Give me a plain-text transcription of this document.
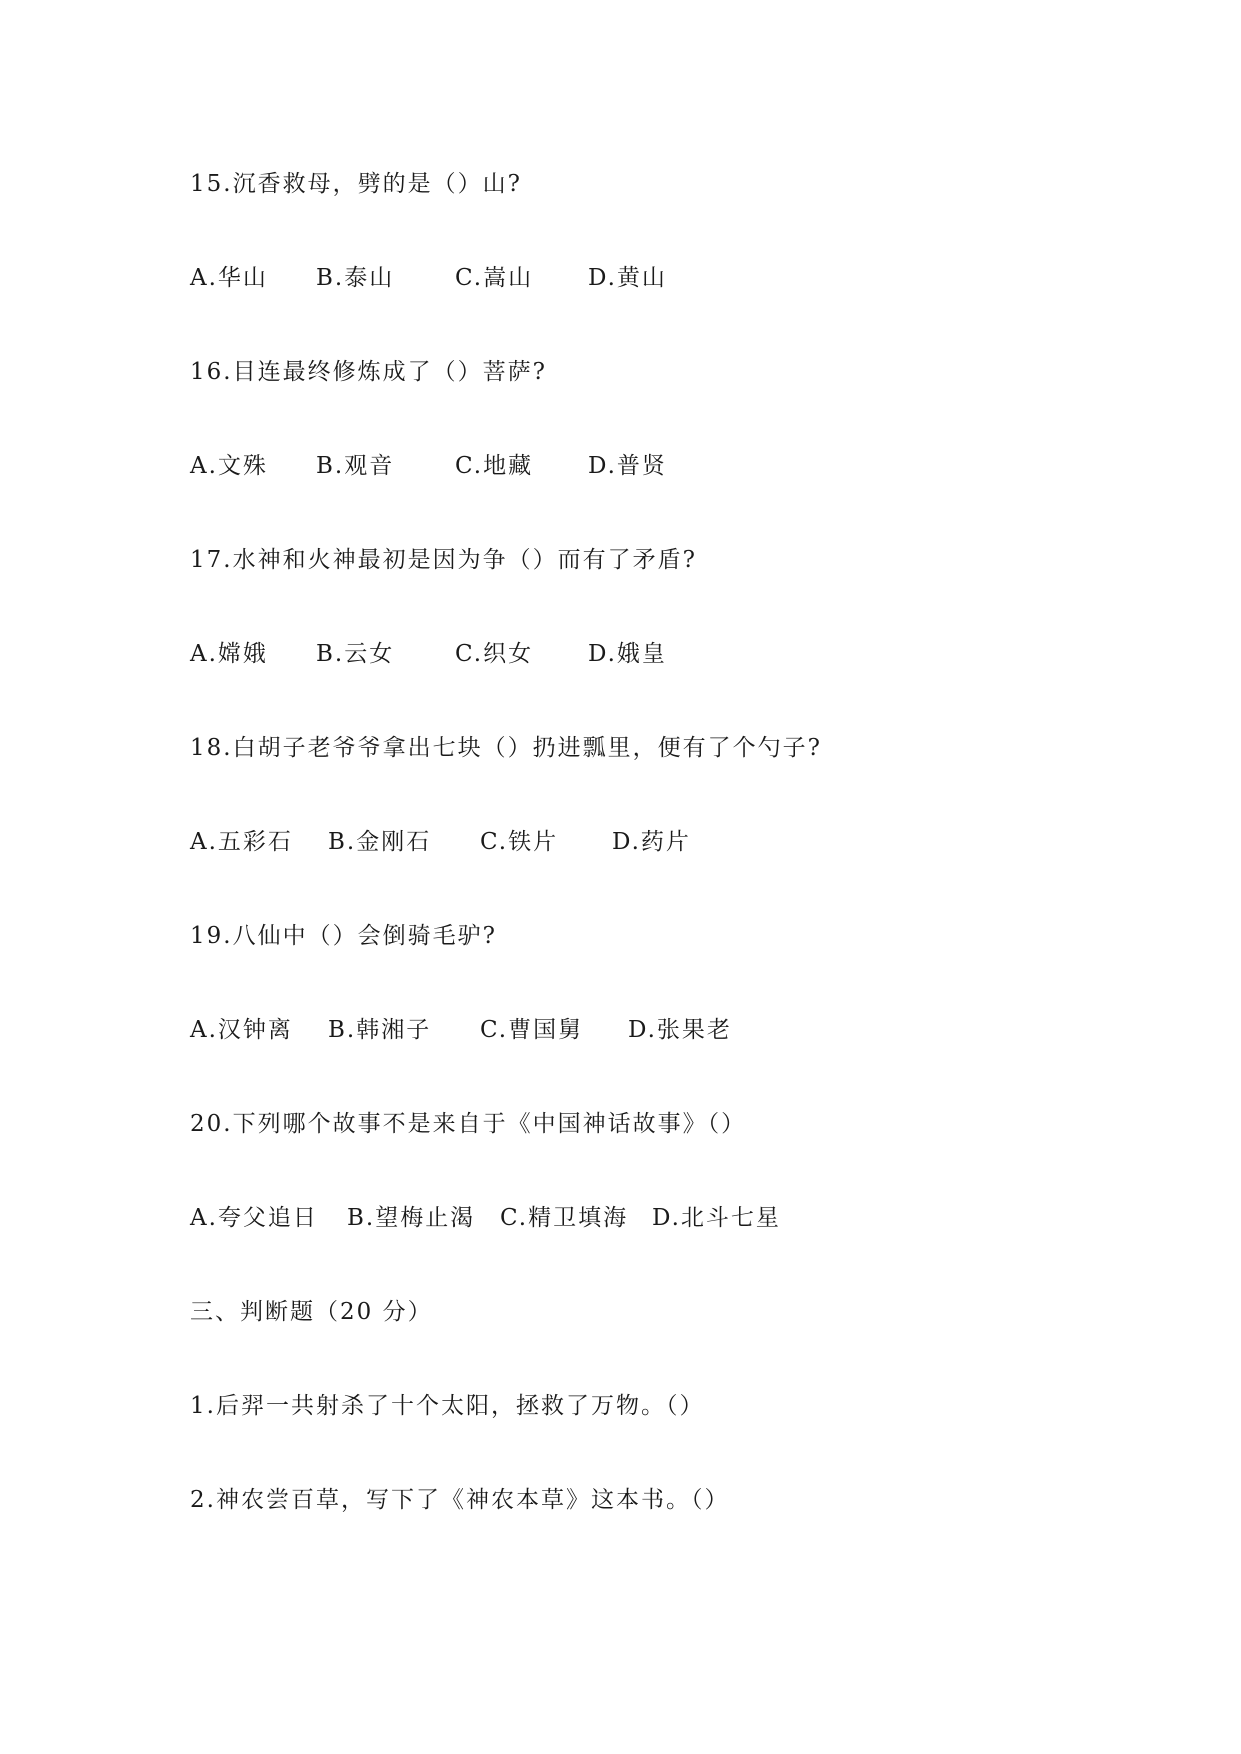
15.沉香救母，劈的是（）山?
A.华山 B.泰山	C.嵩山 D.黄山
16.目连最终修炼成了（）菩萨?
A.文殊 B.观音	C.地藏 D.普贤
17.水神和火神最初是因为争（）而有了矛盾?
A.嫦娥 B.云女	C.织女 D.娥皇
18.白胡子老爷爷拿出七块（）扔进瓢里，便有了个勺子?
A.五彩石 B.金刚石 C.铁片 D.药片
19.八仙中（）会倒骑毛驴?
A.汉钟离 B.韩湘子 C.曹国舅 D.张果老
20.下列哪个故事不是来自于《中国神话故事》（）
A.夸父追日 B.望梅止渴 C.精卫填海 D.北斗七星
三、判断题（20 分）
1.后羿一共射杀了十个太阳，拯救了万物。（）
2.神农尝百草，写下了《神农本草》这本书。（）
